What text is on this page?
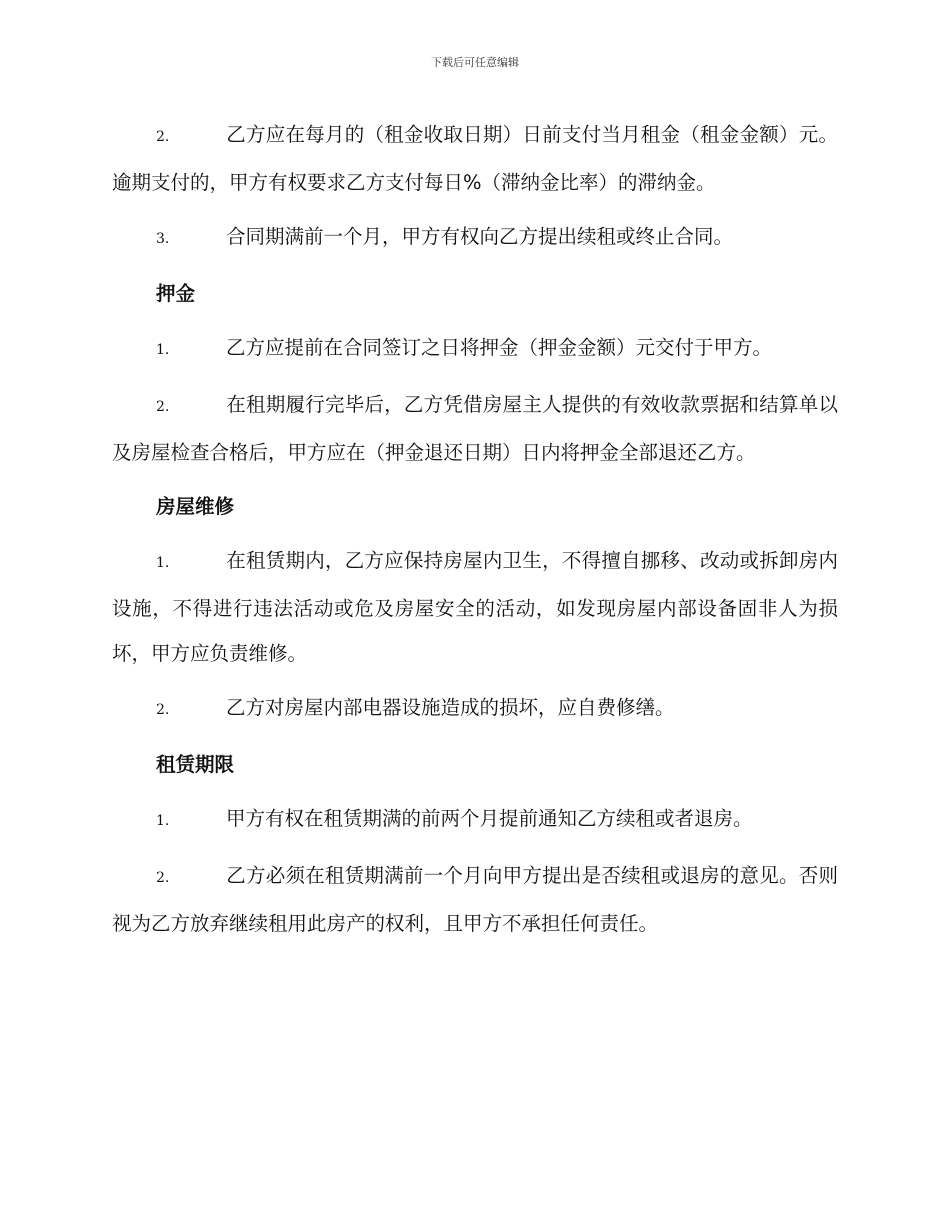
下载后可任意编辑

2.	乙方应在每月的（租金收取日期）日前支付当月租金（租金金额）元。逾期支付的，甲方有权要求乙方支付每日%（滞纳金比率）的滞纳金。

3.	合同期满前一个月，甲方有权向乙方提出续租或终止合同。

押金

1.	乙方应提前在合同签订之日将押金（押金金额）元交付于甲方。

2.	在租期履行完毕后，乙方凭借房屋主人提供的有效收款票据和结算单以及房屋检查合格后，甲方应在（押金退还日期）日内将押金全部退还乙方。

房屋维修

1.	在租赁期内，乙方应保持房屋内卫生，不得擅自挪移、改动或拆卸房内设施，不得进行违法活动或危及房屋安全的活动，如发现房屋内部设备固非人为损坏，甲方应负责维修。

2.	乙方对房屋内部电器设施造成的损坏，应自费修缮。

租赁期限

1.	甲方有权在租赁期满的前两个月提前通知乙方续租或者退房。

2.	乙方必须在租赁期满前一个月向甲方提出是否续租或退房的意见。否则视为乙方放弃继续租用此房产的权利，且甲方不承担任何责任。
